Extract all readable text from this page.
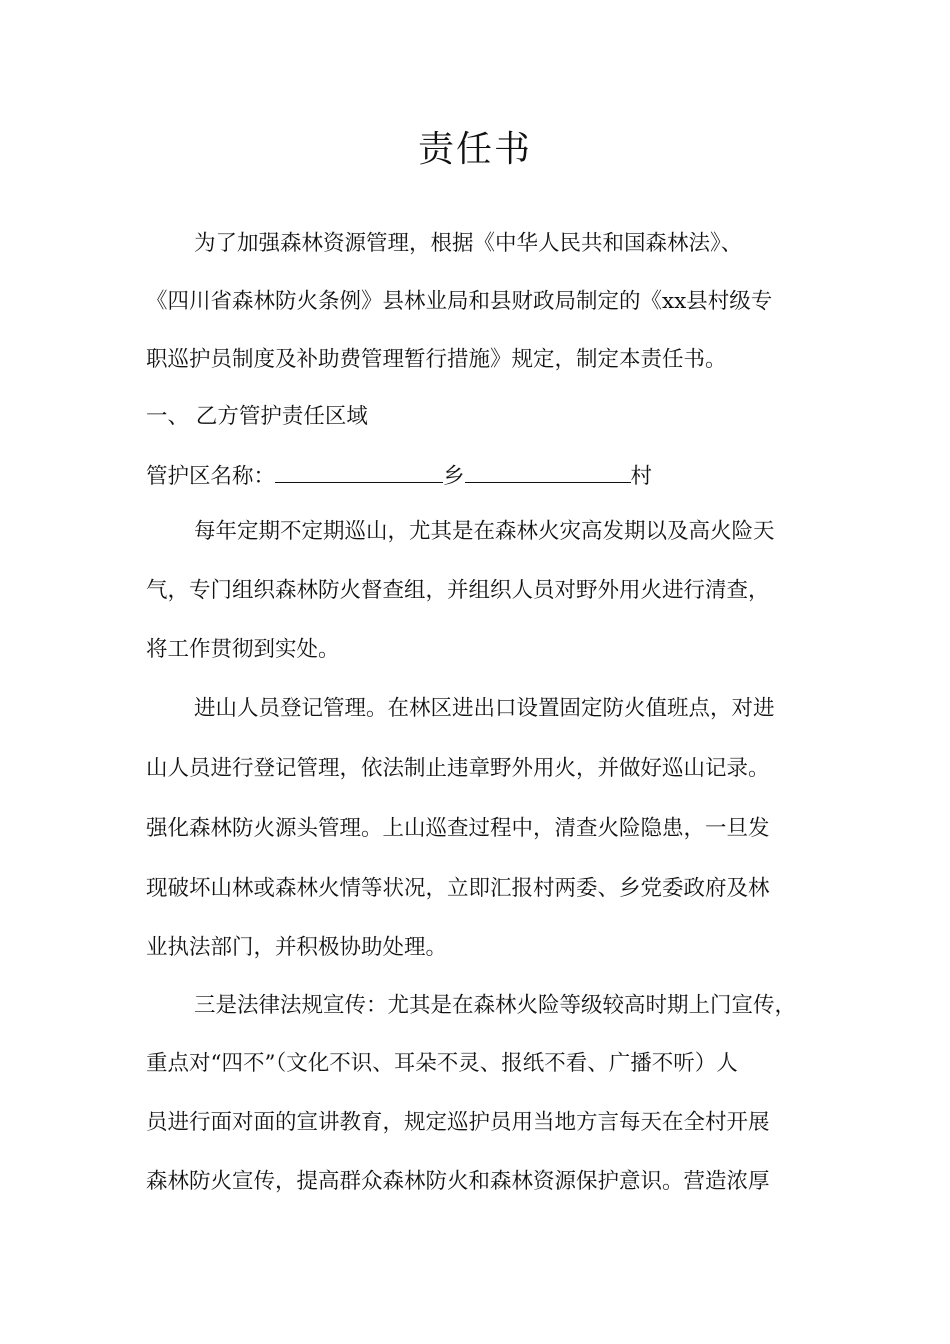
责任书
为了加强森林资源管理，根据《中华人民共和国森林法》、
《四川省森林防火条例》县林业局和县财政局制定的《xx县村级专
职巡护员制度及补助费管理暂行措施》规定，制定本责任书。
一、 乙方管护责任区域
管护区名称：	乡	村
每年定期不定期巡山，尤其是在森林火灾高发期以及高火险天
气，专门组织森林防火督查组，并组织人员对野外用火进行清查，
将工作贯彻到实处。
进山人员登记管理。在林区进出口设置固定防火值班点，对进
山人员进行登记管理，依法制止违章野外用火，并做好巡山记录。
强化森林防火源头管理。上山巡查过程中，清查火险隐患，一旦发
现破坏山林或森林火情等状况，立即汇报村两委、乡党委政府及林
业执法部门，并积极协助处理。
三是法律法规宣传：尤其是在森林火险等级较高时期上门宣传，
重点对“四不”（文化不识、耳朵不灵、报纸不看、广播不听）人
员进行面对面的宣讲教育，规定巡护员用当地方言每天在全村开展
森林防火宣传，提高群众森林防火和森林资源保护意识。营造浓厚
